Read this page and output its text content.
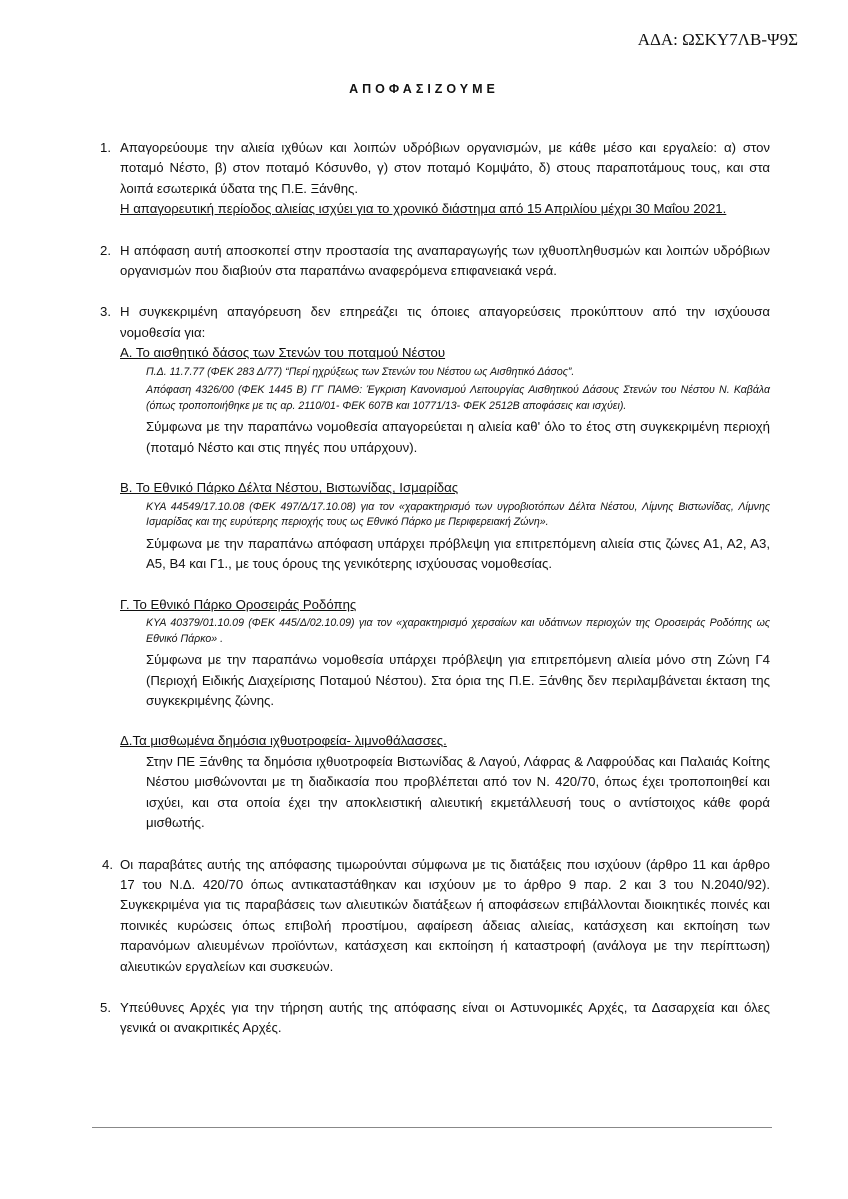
ΑΔΑ: ΩΣΚΥ7ΛΒ-Ψ9Σ
ΑΠΟΦΑΣΙΖΟΥΜΕ
1. Απαγορεύουμε την αλιεία ιχθύων και λοιπών υδρόβιων οργανισμών, με κάθε μέσο και εργαλείο: α) στον ποταμό Νέστο, β) στον ποταμό Κόσυνθο, γ) στον ποταμό Κομψάτο, δ) στους παραποτάμους τους, και στα λοιπά εσωτερικά ύδατα της Π.Ε. Ξάνθης.
Η απαγορευτική περίοδος αλιείας ισχύει για το χρονικό διάστημα από 15 Απριλίου μέχρι 30 Μαΐου 2021.
2. Η απόφαση αυτή αποσκοπεί στην προστασία της αναπαραγωγής των ιχθυοπληθυσμών και λοιπών υδρόβιων οργανισμών που διαβιούν στα παραπάνω αναφερόμενα επιφανειακά νερά.
3. Η συγκεκριμένη απαγόρευση δεν επηρεάζει τις όποιες απαγορεύσεις προκύπτουν από την ισχύουσα νομοθεσία για:
Α. Το αισθητικό δάσος των Στενών του ποταμού Νέστου
Π.Δ. 11.7.77 (ΦΕΚ 283 Δ/77) “Περί ηχρύξεως των Στενών του Νέστου ως Αισθητικό Δάσος”.
Απόφαση 4326/00 (ΦΕΚ 1445 Β) ΓΓ ΠΑΜΘ: Έγκριση Κανονισμού Λειτουργίας Αισθητικού Δάσους Στενών του Νέστου Ν. Καβάλα (όπως τροποποιήθηκε με τις αρ. 2110/01- ΦΕΚ 607Β και 10771/13- ΦΕΚ 2512Β αποφάσεις και ισχύει).
Σύμφωνα με την παραπάνω νομοθεσία απαγορεύεται η αλιεία καθ' όλο το έτος στη συγκεκριμένη περιοχή (ποταμό Νέστο και στις πηγές που υπάρχουν).
Β. Το Εθνικό Πάρκο Δέλτα Νέστου, Βιστωνίδας, Ισμαρίδας
ΚΥΑ 44549/17.10.08 (ΦΕΚ 497/Δ/17.10.08) για τον «χαρακτηρισμό των υγροβιοτόπων Δέλτα Νέστου, Λίμνης Βιστωνίδας, Λίμνης Ισμαρίδας και της ευρύτερης περιοχής τους ως Εθνικό Πάρκο με Περιφερειακή Ζώνη».
Σύμφωνα με την παραπάνω απόφαση υπάρχει πρόβλεψη για επιτρεπόμενη αλιεία στις ζώνες Α1, Α2, Α3, Α5, Β4 και Γ1., με τους όρους της γενικότερης ισχύουσας νομοθεσίας.
Γ. Το Εθνικό Πάρκο Οροσειράς Ροδόπης
ΚΥΑ 40379/01.10.09 (ΦΕΚ 445/Δ/02.10.09) για τον «χαρακτηρισμό χερσαίων και υδάτινων περιοχών της Οροσειράς Ροδόπης ως Εθνικό Πάρκο» .
Σύμφωνα με την παραπάνω νομοθεσία υπάρχει πρόβλεψη για επιτρεπόμενη αλιεία μόνο στη Ζώνη Γ4 (Περιοχή Ειδικής Διαχείρισης Ποταμού Νέστου). Στα όρια της Π.Ε. Ξάνθης δεν περιλαμβάνεται έκταση της συγκεκριμένης ζώνης.
Δ.Τα μισθωμένα δημόσια ιχθυοτροφεία- λιμνοθάλασσες.
Στην ΠΕ Ξάνθης τα δημόσια ιχθυοτροφεία Βιστωνίδας & Λαγού, Λάφρας & Λαφρούδας και Παλαιάς Κοίτης Νέστου μισθώνονται με τη διαδικασία που προβλέπεται από τον Ν. 420/70, όπως έχει τροποποιηθεί και ισχύει, και στα οποία έχει την αποκλειστική αλιευτική εκμετάλλευσή τους ο αντίστοιχος κάθε φορά μισθωτής.
4. Οι παραβάτες αυτής της απόφασης τιμωρούνται σύμφωνα με τις διατάξεις που ισχύουν (άρθρο 11 και άρθρο 17 του Ν.Δ. 420/70 όπως αντικαταστάθηκαν και ισχύουν με το άρθρο 9 παρ. 2 και 3 του Ν.2040/92). Συγκεκριμένα για τις παραβάσεις των αλιευτικών διατάξεων ή αποφάσεων επιβάλλονται διοικητικές ποινές και ποινικές κυρώσεις όπως επιβολή προστίμου, αφαίρεση άδειας αλιείας, κατάσχεση και εκποίηση των παρανόμων αλιευμένων προϊόντων, κατάσχεση και εκποίηση ή καταστροφή (ανάλογα με την περίπτωση) αλιευτικών εργαλείων και συσκευών.
5. Υπεύθυνες Αρχές για την τήρηση αυτής της απόφασης είναι οι Αστυνομικές Αρχές, τα Δασαρχεία και όλες γενικά οι ανακριτικές Αρχές.
